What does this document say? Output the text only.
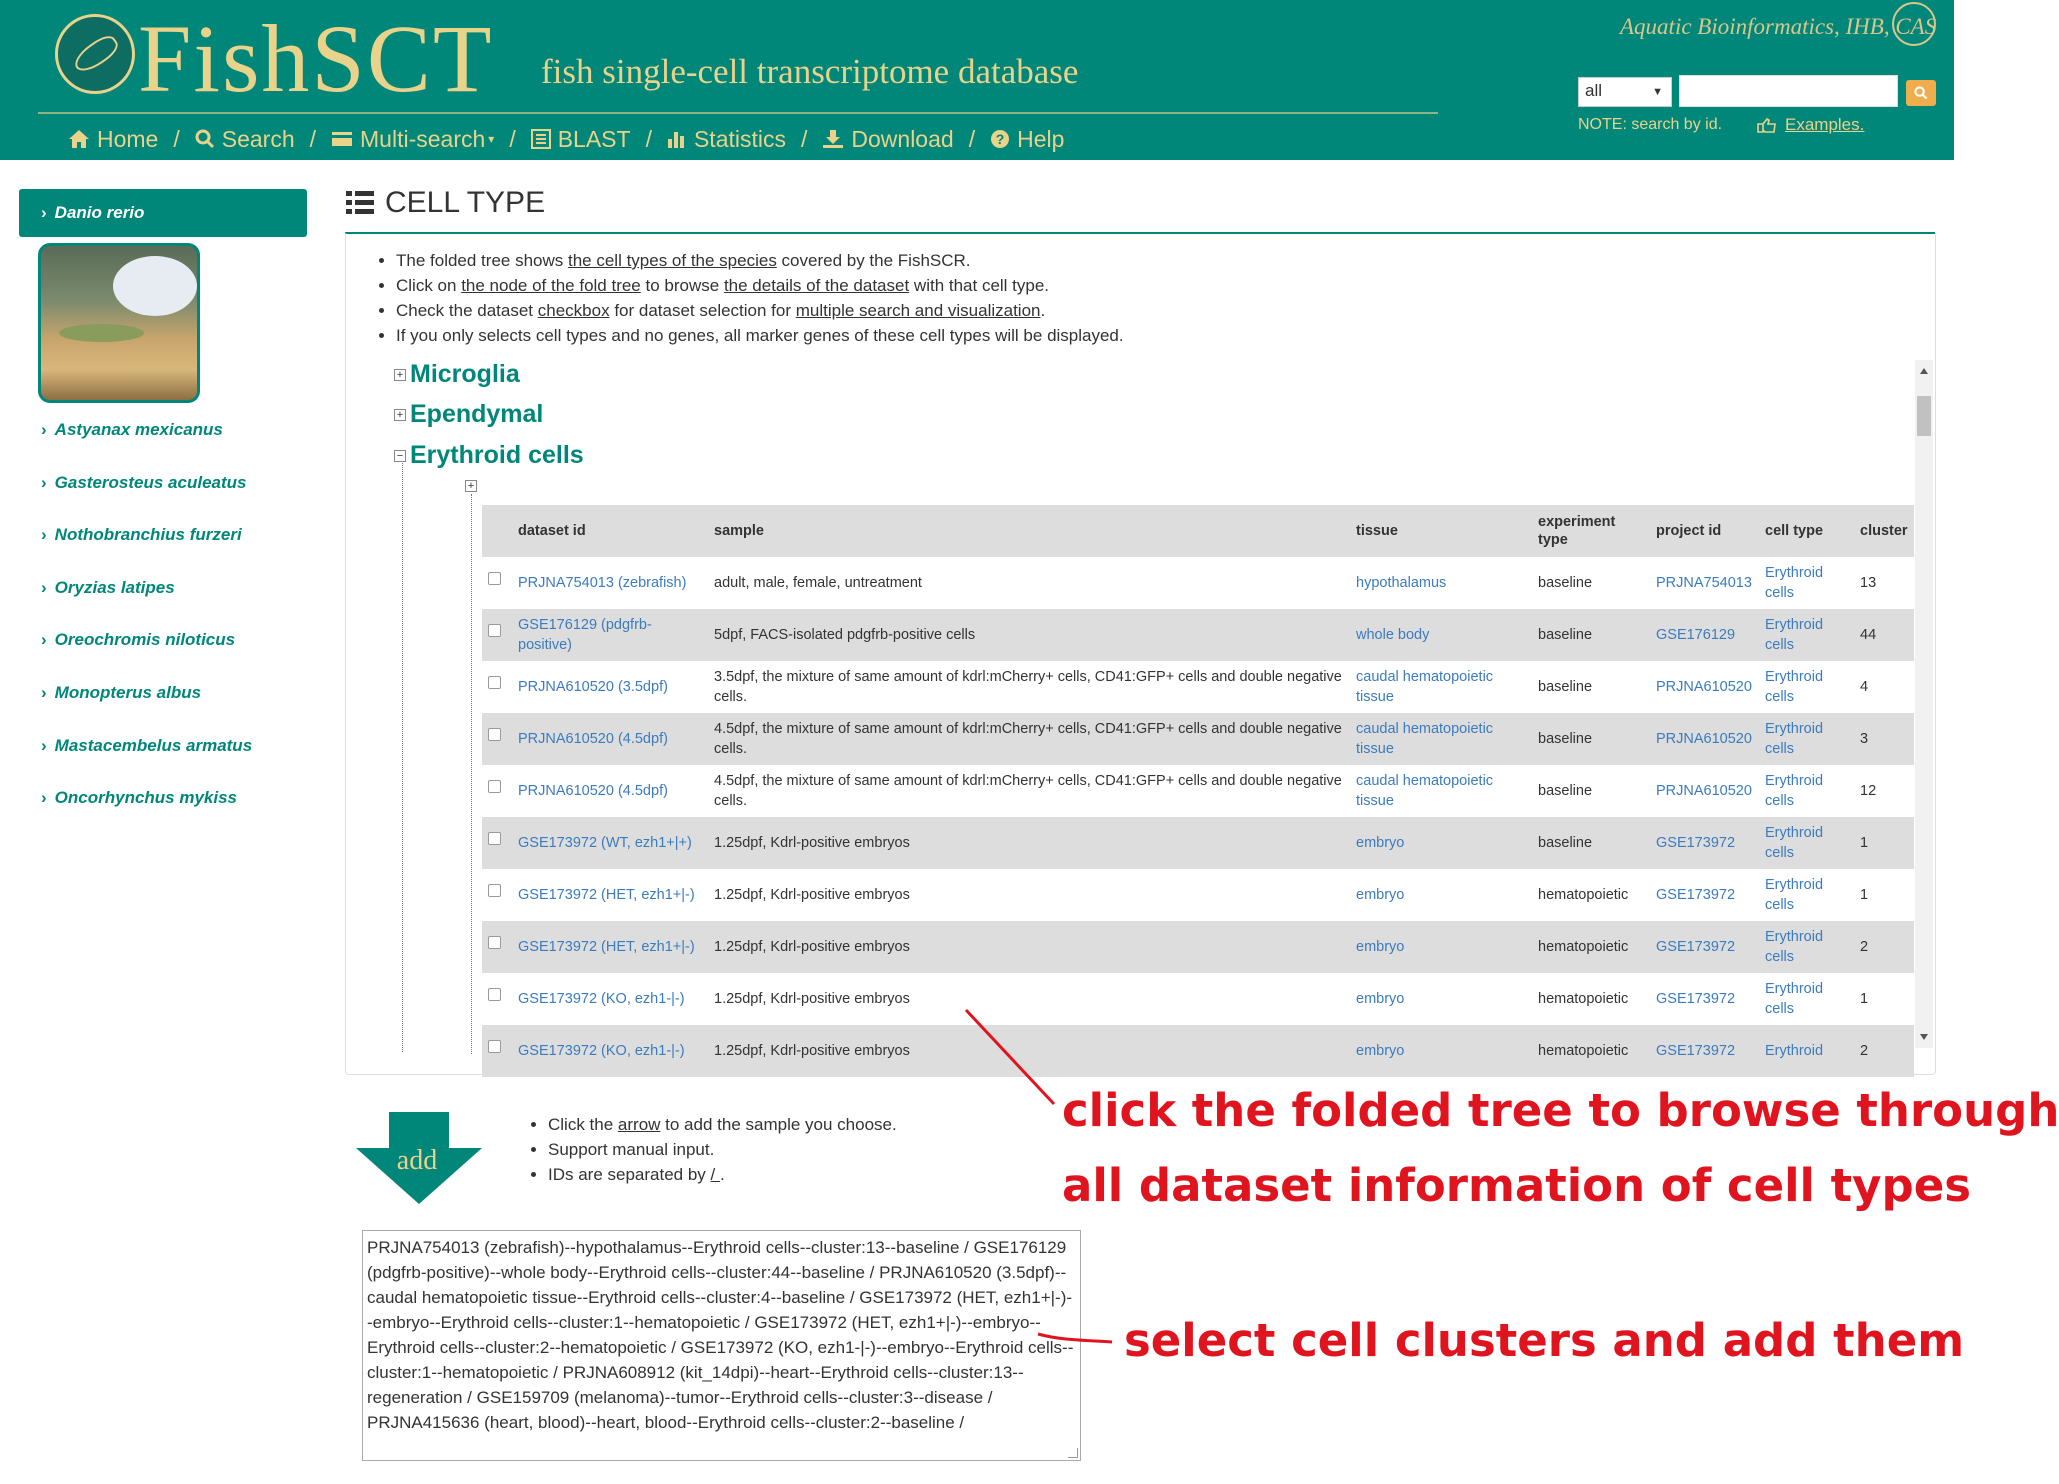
FishSCT fish single-cell transcriptome database
Aquatic Bioinformatics, IHB, CAS
Home / Search / Multi-search ▾ / BLAST / Statistics / Download / ? Help
all	▼
NOTE: search by id.	Examples.
› Danio rerio
› Astyanax mexicanus
› Gasterosteus aculeatus
› Nothobranchius furzeri
› Oryzias latipes
› Oreochromis niloticus
› Monopterus albus
› Mastacembelus armatus
› Oncorhynchus mykiss
CELL TYPE
• The folded tree shows the cell types of the species covered by the FishSCR.
• Click on the node of the fold tree to browse the details of the dataset with that cell type.
• Check the dataset checkbox for dataset selection for multiple search and visualization.
• If you only selects cell types and no genes, all marker genes of these cell types will be displayed.
+ Microglia
+ Ependymal
− Erythroid cells
+
	dataset id	sample	tissue	experiment type	project id	cell type	cluster

	PRJNA754013 (zebrafish)	adult, male, female, untreatment	hypothalamus	baseline	PRJNA754013	Erythroid cells	13

	GSE176129 (pdgfrb-positive)	5dpf, FACS-isolated pdgfrb-positive cells	whole body	baseline	GSE176129	Erythroid cells	44

	PRJNA610520 (3.5dpf)	3.5dpf, the mixture of same amount of kdrl:mCherry+ cells, CD41:GFP+ cells and double negative cells.	caudal hematopoietic tissue	baseline	PRJNA610520	Erythroid cells	4

	PRJNA610520 (4.5dpf)	4.5dpf, the mixture of same amount of kdrl:mCherry+ cells, CD41:GFP+ cells and double negative cells.	caudal hematopoietic tissue	baseline	PRJNA610520	Erythroid cells	3

	PRJNA610520 (4.5dpf)	4.5dpf, the mixture of same amount of kdrl:mCherry+ cells, CD41:GFP+ cells and double negative cells.	caudal hematopoietic tissue	baseline	PRJNA610520	Erythroid cells	12

	GSE173972 (WT, ezh1+|+)	1.25dpf, Kdrl-positive embryos	embryo	baseline	GSE173972	Erythroid cells	1

	GSE173972 (HET, ezh1+|-)	1.25dpf, Kdrl-positive embryos	embryo	hematopoietic	GSE173972	Erythroid cells	1

	GSE173972 (HET, ezh1+|-)	1.25dpf, Kdrl-positive embryos	embryo	hematopoietic	GSE173972	Erythroid cells	2

	GSE173972 (KO, ezh1-|-)	1.25dpf, Kdrl-positive embryos	embryo	hematopoietic	GSE173972	Erythroid cells	1

	GSE173972 (KO, ezh1-|-)	1.25dpf, Kdrl-positive embryos	embryo	hematopoietic	GSE173972	Erythroid	2
add
• Click the arrow to add the sample you choose.
• Support manual input.
• IDs are separated by / .
PRJNA754013 (zebrafish)--hypothalamus--Erythroid cells--cluster:13--baseline / GSE176129 (pdgfrb-positive)--whole body--Erythroid cells--cluster:44--baseline / PRJNA610520 (3.5dpf)--caudal hematopoietic tissue--Erythroid cells--cluster:4--baseline / GSE173972 (HET, ezh1+|-)--embryo--Erythroid cells--cluster:1--hematopoietic / GSE173972 (HET, ezh1+|-)--embryo--Erythroid cells--cluster:2--hematopoietic / GSE173972 (KO, ezh1-|-)--embryo--Erythroid cells--cluster:1--hematopoietic / PRJNA608912 (kit_14dpi)--heart--Erythroid cells--cluster:13--regeneration / GSE159709 (melanoma)--tumor--Erythroid cells--cluster:3--disease / PRJNA415636 (heart, blood)--heart, blood--Erythroid cells--cluster:2--baseline /
click the folded tree to browse through
all dataset information of cell types
select cell clusters and add them
